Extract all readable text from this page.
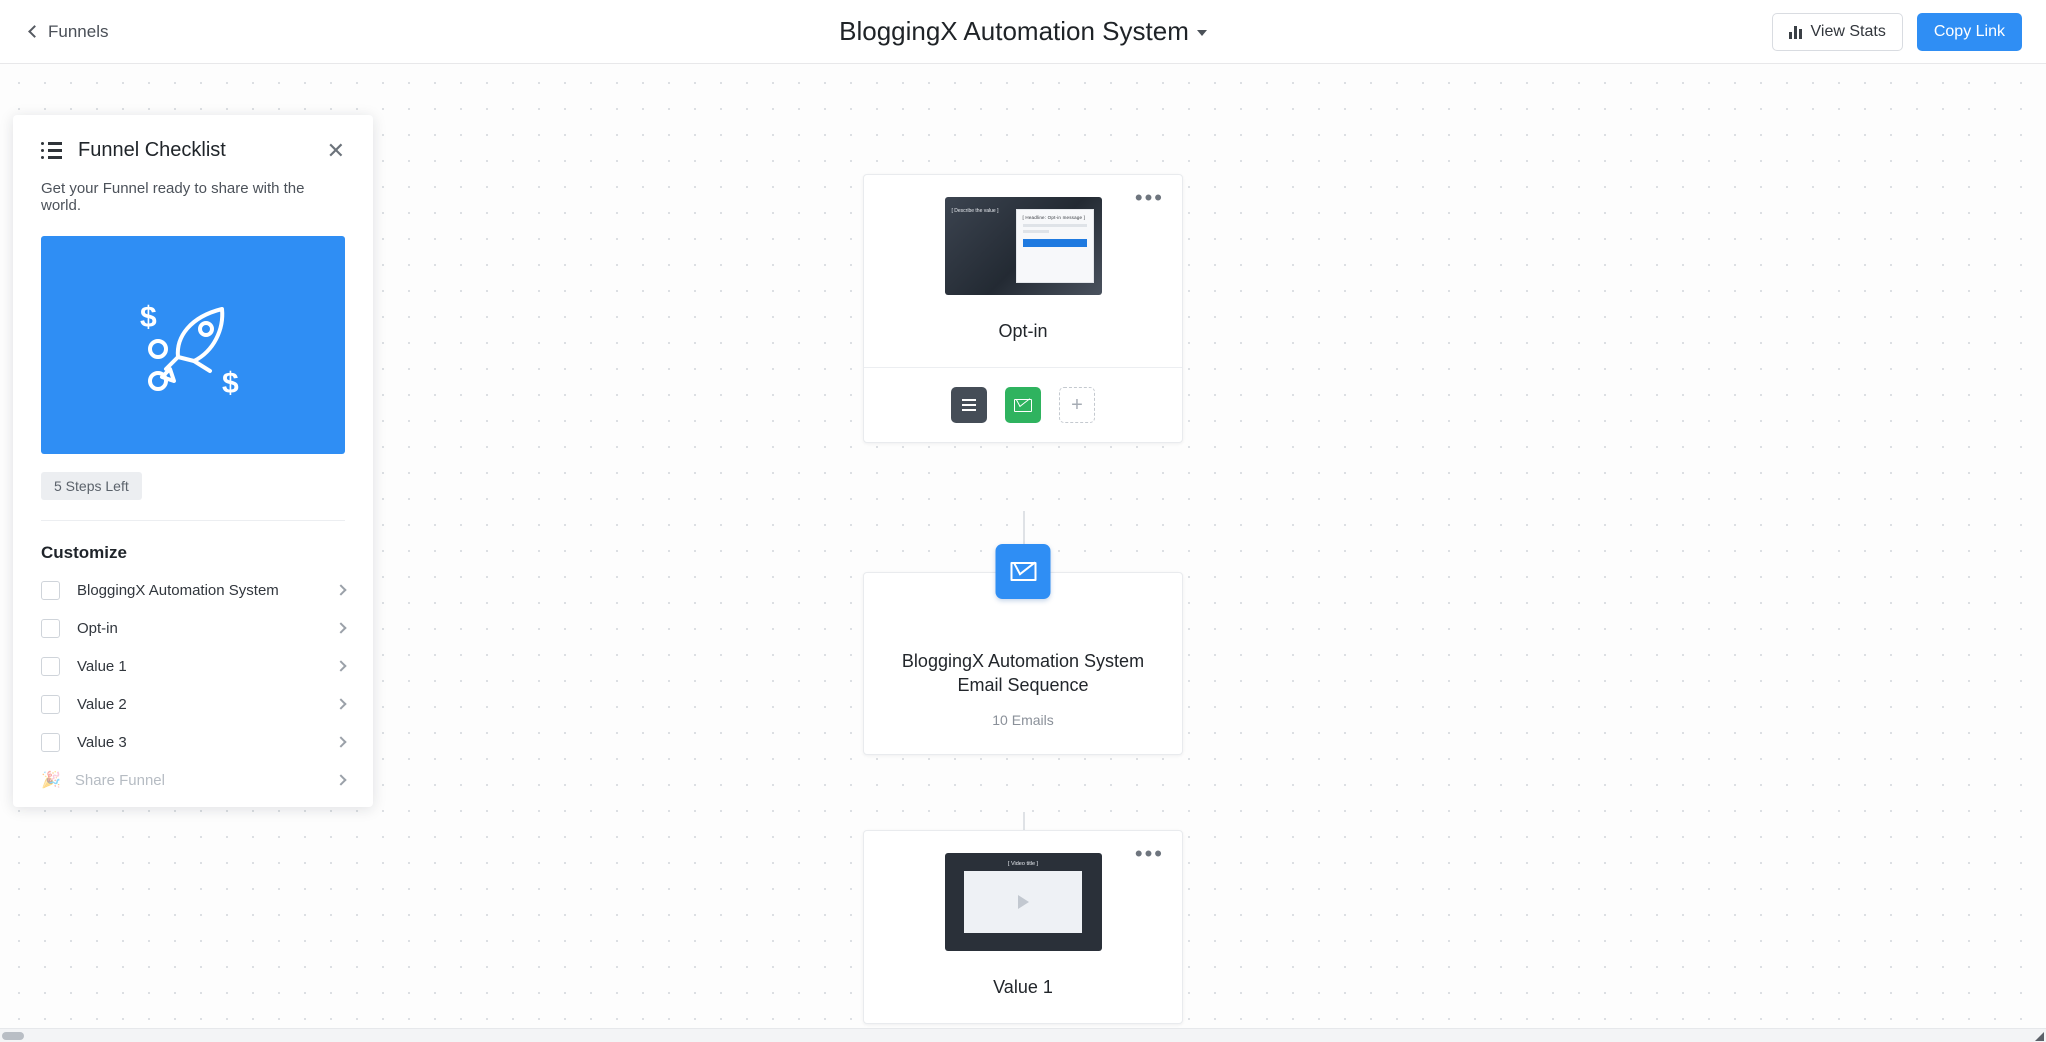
Funnels	BloggingX Automation System	View Stats	Copy Link
•••
[ Describe the value ]
[ Headline: Opt-in message ]
Opt-in
+
BloggingX Automation System Email Sequence
10 Emails
•••
[ Video title ]
Value 1
Funnel Checklist	✕
Get your Funnel ready to share with the world.
$
$
5 Steps Left
Customize
BloggingX Automation System
Opt-in
Value 1
Value 2
Value 3
🎉 Share Funnel
